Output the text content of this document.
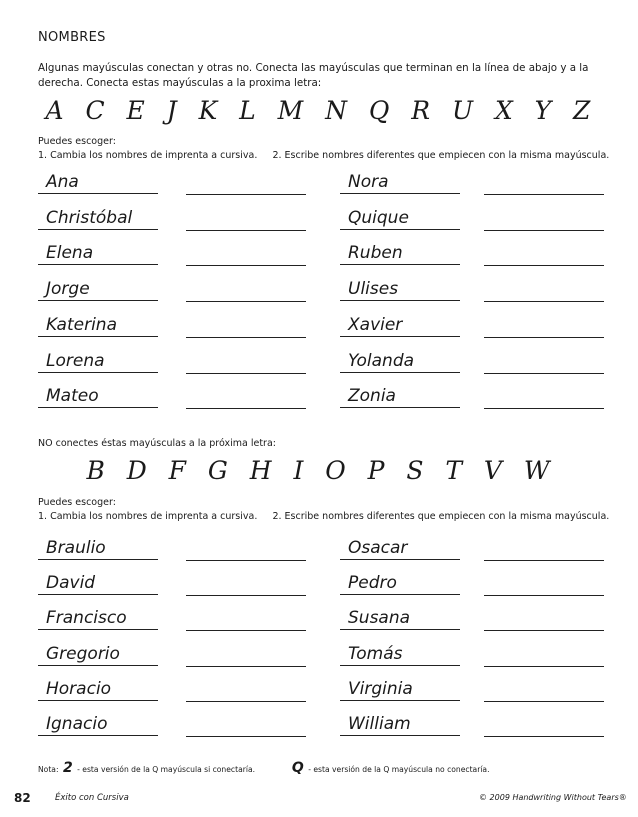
NOMBRES
Algunas mayúsculas conectan y otras no. Conecta las mayúsculas que terminan en la línea de abajo y a la derecha. Conecta estas mayúsculas a la proxima letra:
A  C  E  J  K  L  M  N  Q  R  U  X  Y  Z
Puedes escoger:
1. Cambia los nombres de imprenta a cursiva. 2. Escribe nombres diferentes que empiecen con la misma mayúscula.
Ana	Nora
Christóbal	Quique
Elena	Ruben
Jorge	Ulises
Katerina	Xavier
Lorena	Yolanda
Mateo	Zonia
NO conectes éstas mayúsculas a la próxima letra:
B  D  F  G  H  I  O  P  S  T  V  W
Puedes escoger:
1. Cambia los nombres de imprenta a cursiva. 2. Escribe nombres diferentes que empiecen con la misma mayúscula.
Braulio	Osacar
David	Pedro
Francisco	Susana
Gregorio	Tomás
Horacio	Virginia
Ignacio	William
Nota: 2 - esta versión de la Q mayúscula si conectaría.	Q - esta versión de la Q mayúscula no conectaría.
82	Éxito con Cursiva	© 2009 Handwriting Without Tears®
